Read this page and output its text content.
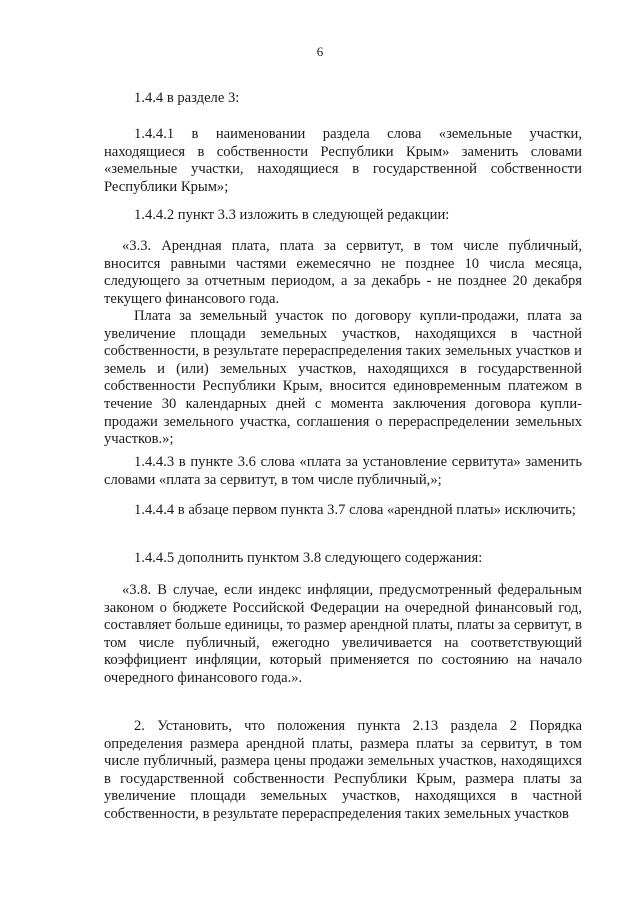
6

1.4.4 в разделе 3:

1.4.4.1 в наименовании раздела слова «земельные участки, находящиеся в собственности Республики Крым» заменить словами «земельные участки, находящиеся в государственной собственности Республики Крым»;

1.4.4.2 пункт 3.3 изложить в следующей редакции:

«3.3. Арендная плата, плата за сервитут, в том числе публичный, вносится равными частями ежемесячно не позднее 10 числа месяца, следующего за отчетным периодом, а за декабрь - не позднее 20 декабря текущего финансового года.

Плата за земельный участок по договору купли-продажи, плата за увеличение площади земельных участков, находящихся в частной собственности, в результате перераспределения таких земельных участков и земель и (или) земельных участков, находящихся в государственной собственности Республики Крым, вносится единовременным платежом в течение 30 календарных дней с момента заключения договора купли-продажи земельного участка, соглашения о перераспределении земельных участков.»;

1.4.4.3 в пункте 3.6 слова «плата за установление сервитута» заменить словами «плата за сервитут, в том числе публичный,»;

1.4.4.4 в абзаце первом пункта 3.7 слова «арендной платы» исключить;

1.4.4.5 дополнить пунктом 3.8 следующего содержания:

«3.8. В случае, если индекс инфляции, предусмотренный федеральным законом о бюджете Российской Федерации на очередной финансовый год, составляет больше единицы, то размер арендной платы, платы за сервитут, в том числе публичный, ежегодно увеличивается на соответствующий коэффициент инфляции, который применяется по состоянию на начало очередного финансового года.».

2. Установить, что положения пункта 2.13 раздела 2 Порядка определения размера арендной платы, размера платы за сервитут, в том числе публичный, размера цены продажи земельных участков, находящихся в государственной собственности Республики Крым, размера платы за увеличение площади земельных участков, находящихся в частной собственности, в результате перераспределения таких земельных участков
